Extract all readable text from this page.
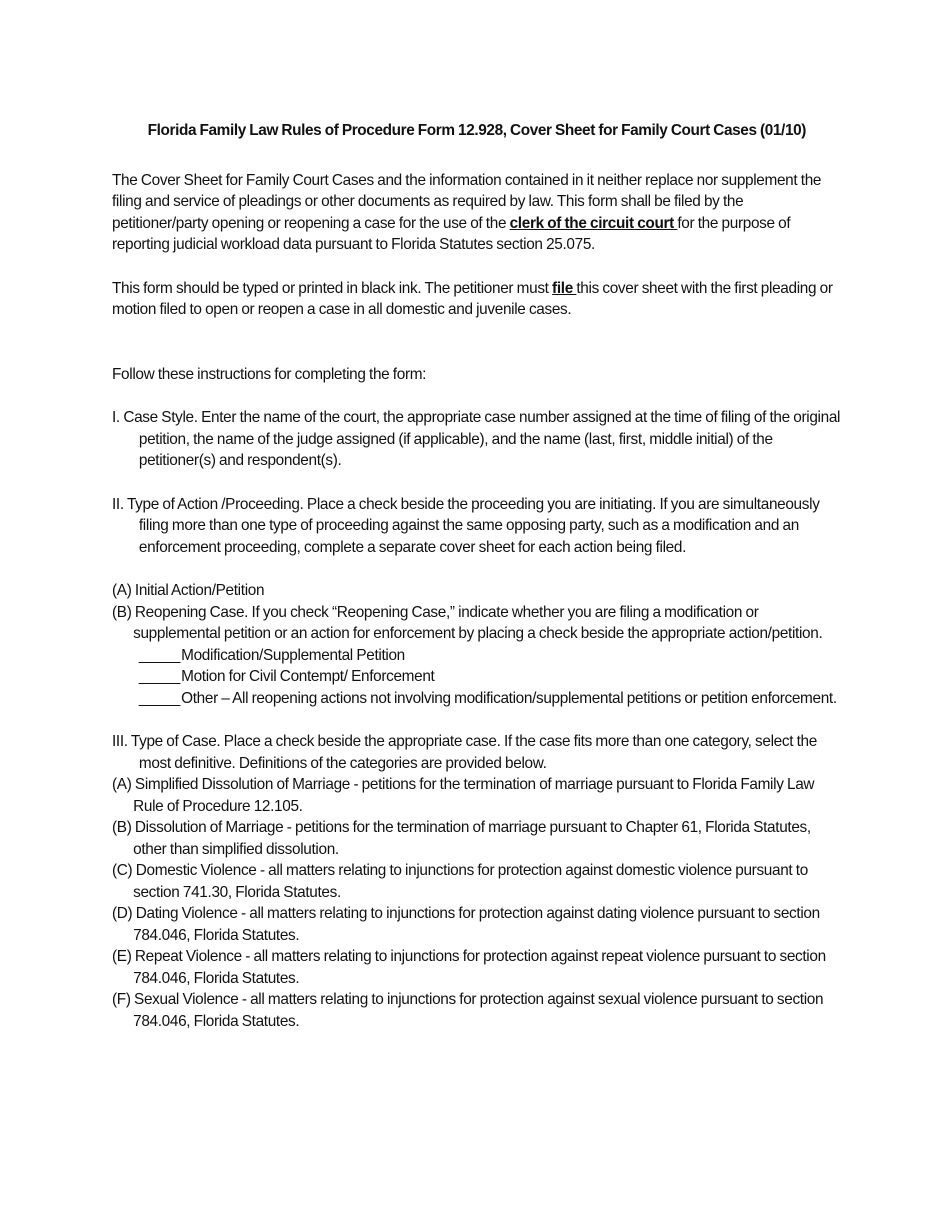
Florida Family Law Rules of Procedure Form 12.928, Cover Sheet for Family Court Cases (01/10)

The Cover Sheet for Family Court Cases and the information contained in it neither replace nor supplement the filing and service of pleadings or other documents as required by law. This form shall be filed by the petitioner/party opening or reopening a case for the use of the clerk of the circuit court for the purpose of reporting judicial workload data pursuant to Florida Statutes section 25.075.

This form should be typed or printed in black ink. The petitioner must file this cover sheet with the first pleading or motion filed to open or reopen a case in all domestic and juvenile cases.

Follow these instructions for completing the form:

I. Case Style. Enter the name of the court, the appropriate case number assigned at the time of filing of the original petition, the name of the judge assigned (if applicable), and the name (last, first, middle initial) of the petitioner(s) and respondent(s).

II. Type of Action /Proceeding. Place a check beside the proceeding you are initiating. If you are simultaneously filing more than one type of proceeding against the same opposing party, such as a modification and an enforcement proceeding, complete a separate cover sheet for each action being filed.

(A) Initial Action/Petition

(B) Reopening Case. If you check “Reopening Case,” indicate whether you are filing a modification or supplemental petition or an action for enforcement by placing a check beside the appropriate action/petition.

_____Modification/Supplemental Petition

_____Motion for Civil Contempt/ Enforcement

_____Other – All reopening actions not involving modification/supplemental petitions or petition enforcement.

III. Type of Case. Place a check beside the appropriate case. If the case fits more than one category, select the most definitive. Definitions of the categories are provided below.

(A) Simplified Dissolution of Marriage - petitions for the termination of marriage pursuant to Florida Family Law Rule of Procedure 12.105.

(B) Dissolution of Marriage - petitions for the termination of marriage pursuant to Chapter 61, Florida Statutes, other than simplified dissolution.

(C) Domestic Violence - all matters relating to injunctions for protection against domestic violence pursuant to section 741.30, Florida Statutes.

(D) Dating Violence - all matters relating to injunctions for protection against dating violence pursuant to section 784.046, Florida Statutes.

(E) Repeat Violence - all matters relating to injunctions for protection against repeat violence pursuant to section 784.046, Florida Statutes.

(F) Sexual Violence - all matters relating to injunctions for protection against sexual violence pursuant to section 784.046, Florida Statutes.
